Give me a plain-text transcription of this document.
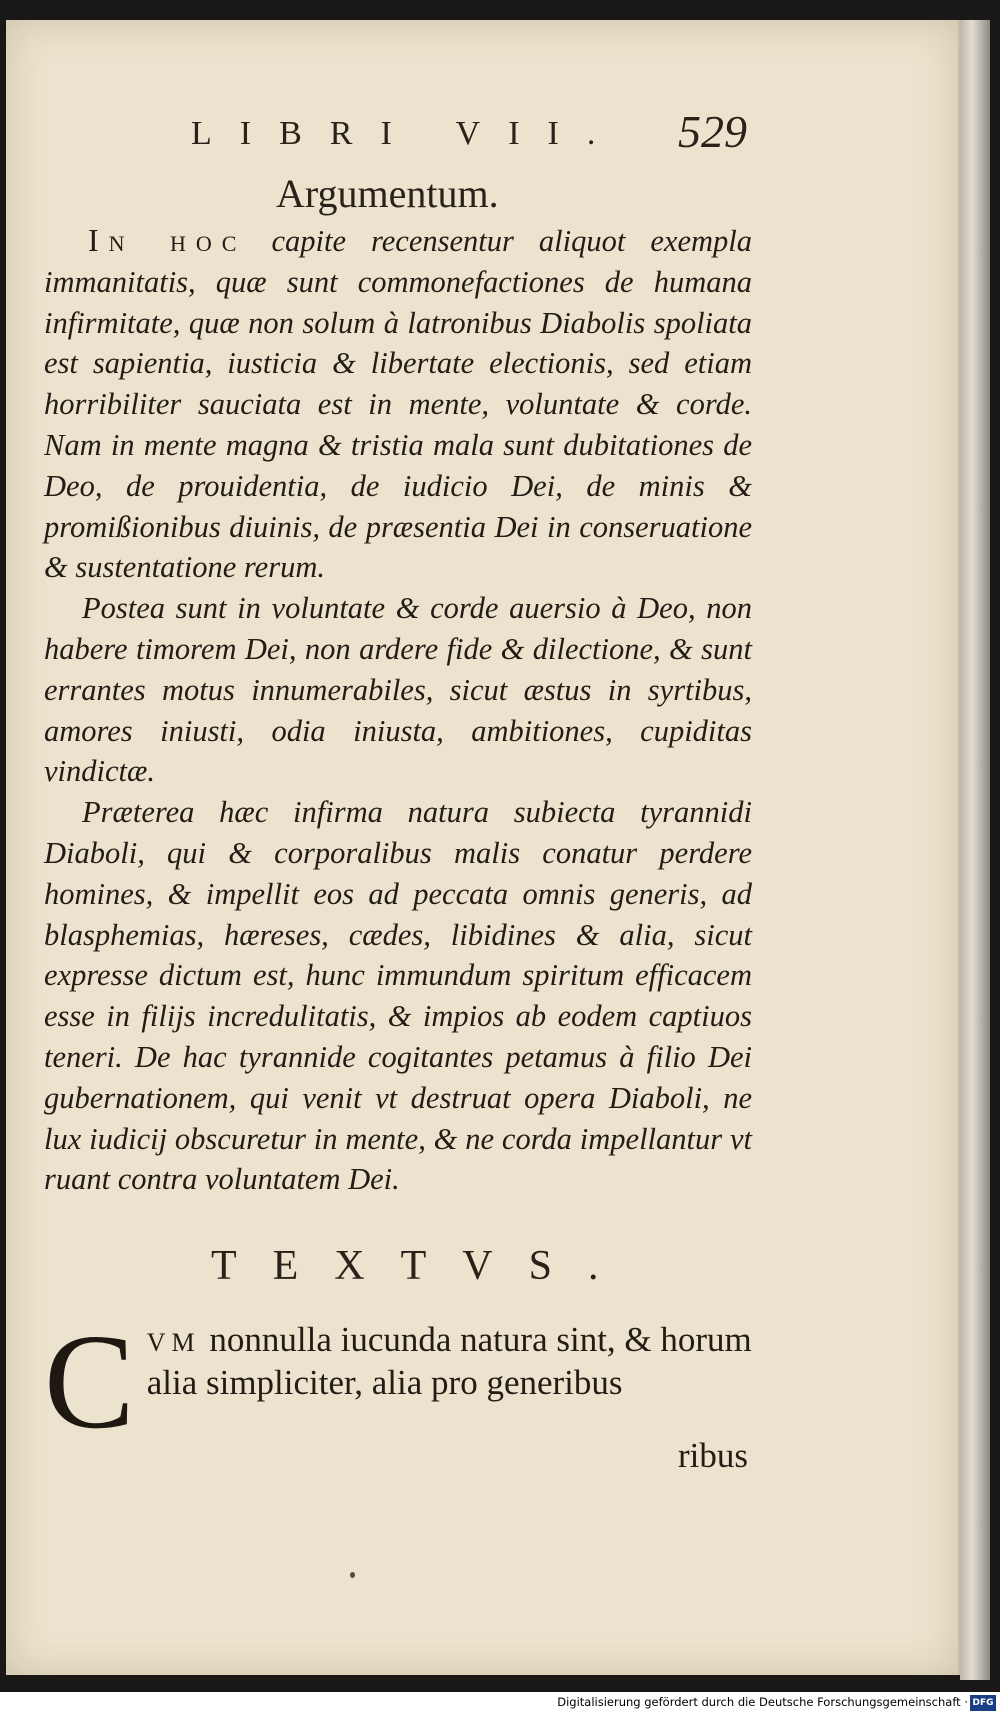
LIBRI VII. 529
Argumentum.

In hoc capite recensentur aliquot exempla immanitatis, quæ sunt commonefactiones de humana infirmitate, quæ non solum à latronibus Diabolis spoliata est sapientia, iusticia & libertate electionis, sed etiam horribiliter sauciata est in mente, voluntate & corde. Nam in mente magna & tristia mala sunt dubitationes de Deo, de prouidentia, de iudicio Dei, de minis & promißionibus diuinis, de præsentia Dei in conseruatione & sustentatione rerum.

Postea sunt in voluntate & corde auersio à Deo, non habere timorem Dei, non ardere fide & dilectione, & sunt errantes motus innumerabiles, sicut æstus in syrtibus, amores iniusti, odia iniusta, ambitiones, cupiditas vindictæ.

Præterea hæc infirma natura subiecta tyrannidi Diaboli, qui & corporalibus malis conatur perdere homines, & impellit eos ad peccata omnis generis, ad blasphemias, hæreses, cædes, libidines & alia, sicut expresse dictum est, hunc immundum spiritum efficacem esse in filijs incredulitatis, & impios ab eodem captiuos teneri. De hac tyrannide cogitantes petamus à filio Dei gubernationem, qui venit vt destruat opera Diaboli, ne lux iudicij obscuretur in mente, & ne corda impellantur vt ruant contra voluntatem Dei.

TEXTVS.
C VM nonnulla iucunda natura sint, & horum alia simpliciter, alia pro generibus
ribus
Digitalisierung gefördert durch die Deutsche Forschungsgemeinschaft · DFG
